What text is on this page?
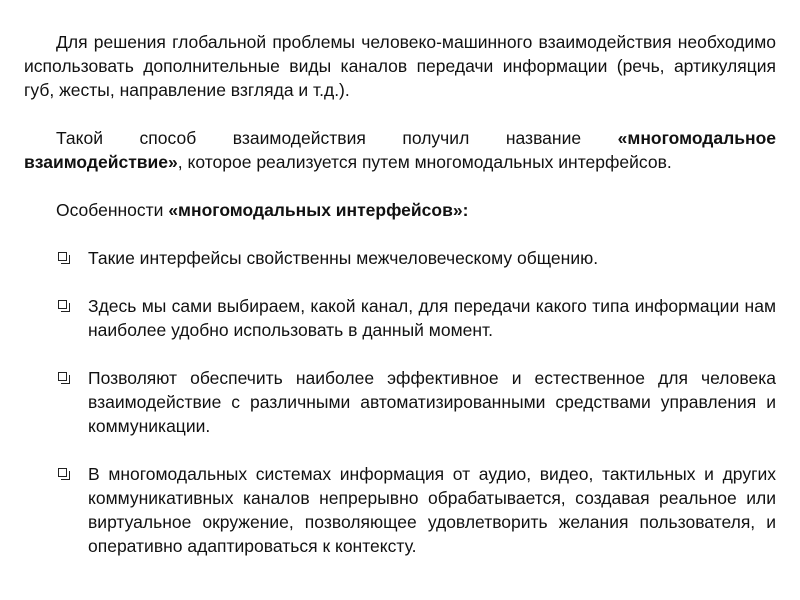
Для решения глобальной проблемы человеко-машинного взаимодействия необходимо использовать дополнительные виды каналов передачи информации (речь, артикуляция губ, жесты, направление взгляда и т.д.).

Такой способ взаимодействия получил название «многомодальное взаимодействие», которое реализуется путем многомодальных интерфейсов.

Особенности «многомодальных интерфейсов»:

Такие интерфейсы свойственны межчеловеческому общению.
Здесь мы сами выбираем, какой канал, для передачи какого типа информации нам наиболее удобно использовать в данный момент.
Позволяют обеспечить наиболее эффективное и естественное для человека взаимодействие с различными автоматизированными средствами управления и коммуникации.
В многомодальных системах информация от аудио, видео, тактильных и других коммуникативных каналов непрерывно обрабатывается, создавая реальное или виртуальное окружение, позволяющее удовлетворить желания пользователя, и оперативно адаптироваться к контексту.
